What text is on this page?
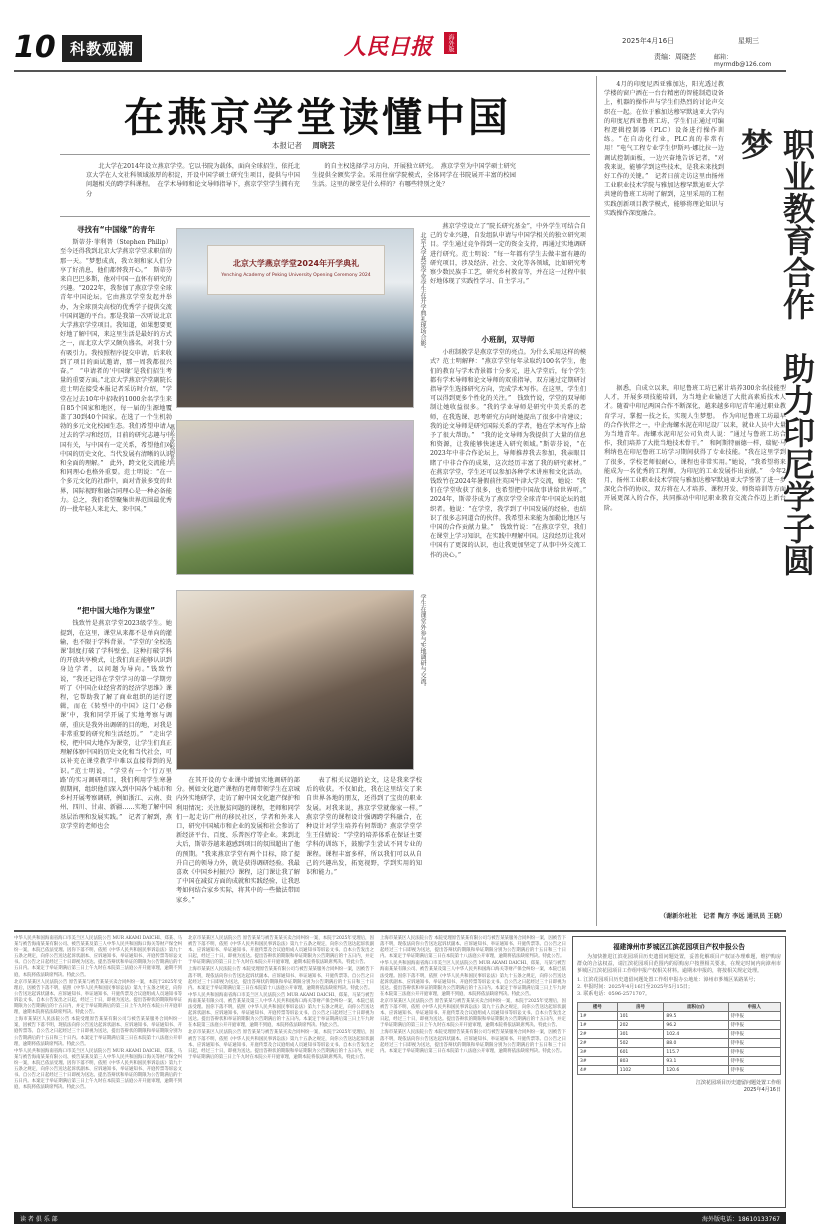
10 科教观潮	人民日报	海外版	2025年4月16日	星期三
责编：周晓芸	邮箱：myrmdb@126.com
在燕京学堂读懂中国
本报记者 周晓芸

北大学在2014年设立燕京学堂。它以书院为载体，面向全球招生，依托北京大学在人文社科领域浓厚的积淀，开设中国学硕士研究生项目，提供与中国问题相关的跨学科课程。　在学术导师和论文导师指导下，燕京学堂学生拥有充分

的自主权选择学习方向、开展独立研究。　燕京学堂为中国学硕士研究生提供全额奖学金。采用住宿学院模式，全体同学在书院展开丰富的校园生活。这里的课堂是什么样的？有哪些特别之处？

寻找有“中国缘”的青年

斯蒂芬·菲利普（Stephen Philip）至今还得我到北京大学燕京学堂求职信的那一天。“梦想成真，我立刻和家人们分享了好消息，他们都替我开心。”　斯蒂芬来自巴巴多斯，他对中国一直怀有研究的兴趣。“2022年，我参加了燕京学堂全球青年中国论坛。它由燕京学堂发起并举办，为全球顶尖高校的优秀学子提供交流中国问题的平台。那是我第一次听说北京大学燕京学堂项目。我知道，如果想要更好地了解中国，来这里生活是最好的方式之一，而北京大学又颇负盛名，对我十分有吸引力。我按照程序提交申请，后来收到了项目的面试邀请，那一周我都很兴奋。”　“申请者的‘中国缘’是我们招生考量的重要方面。”北京大学燕京学堂副院长范士明在接受本报记者采访时介绍，“学堂在过去10年中招收的1000余名学生来自85个国家和地区，每一届的生源地覆盖了30到40个国家。在选了一个生机勃勃的多元文化校园生态。我们希望申请人过去的学习和经历，目前的研究志趣与中国有关，与中国有一定关系，希望他们对中国的历史文化、当代发展有清晰的认识和全面的理解。”　此外，跨文化交流能力和同理心也格外重要。范士明说：“在一个多元文化的社群中，面对背景多变的世界，国际视野和融合同理心是一种必备能力。总之，我们希望聚集世界范围最优秀的一批年轻人来北大、来中国。”

“把中国大地作为课堂”

钱致竹是燕京学堂2023级学生。她提到，在这里，课堂从来都不是单向的灌输，也不限于学科背景。“学堂的‘全校选课’制度打破了学科壁垒，这种打破学科的开放共享模式，让我们真正能够认识到身边学者，以问题为导向。”钱致竹说，“我还记得在学堂学习的第一学期旁听了《中国企业经营者的经济学思维》课程，它帮助我了解了商业组织的运行逻辑，而在《转型中的中国》这门‘必修课’中，我和同学开展了实地考察与调研，重庆是我外出调研的目的地，对我是非常重要的研究和生活经历。”　“走出学校，把中国大地作为课堂，让学生们真正理解体察中国的历史文化和当代社会，可以补充在课堂教学中难以直接得到的见识。”范士明说，“学堂有一个‘行万里路’的实习调研项目，我们利用学生寒暑假期间，组织他们深入到中国各个城市和乡村开展考察调研，例如浙江、云南、贵州、四川、甘肃、新疆……实地了解中国基层治理和发展实践。”　记者了解到，燕京学堂的老师也会

北京大学燕京学堂2024年开学典礼
Yenching Academy of Peking University Opening Ceremony 2024	北京大学燕京学堂学生在开学典礼现场合影。
燕京学堂校园景色。
学生在课堂外参与实地调研与交流。

在其开设的专业课中增加实地调研的部分。例如文化遗产课程的老师带领学生在京城内外实地研学，走访了解中国文化遗产保护和利用情况；关注脱贫问题的课程，老师和同学们一起走访广州的移民社区，学者和外来人口，研究中国城市和企业的发展和社会参访了新经济平台、百度、乐普医疗等企业。来到北大后，斯蒂芬越来越感到项目的氛围超出了他的预期。“我来燕京学堂有两个目标，除了提升自己的领导力外，就是获得调研经验。我最喜欢《中国乡村振兴》课程，这门课让我了解了中国在减贫方面的成就和实践经验，让我思考如何结合家乡实际，将其中的一些做法带回家乡。”

表了相关议题的论文，这是我来学校后的收获。不仅如此，我在这里结交了来自世界各地的朋友，还得到了宝贵的职业发展。对我来说，燕京学堂就像家一样。”　燕京学堂的课程设计强调跨学科融合，在种设计对学生培养有何帮助？燕京学堂学生王佳婧说：“学堂的培养体系在保证主要学科的训练下，鼓励学生尝试不同专业的课程。课程丰富多样，所以我们可以从自己的兴趣出发，拓宽视野，学到实用的知识和能力。”

燕京学堂设立了“院长研究基金”，中外学生可结合自己的专业兴趣，自发组队申请与中国学相关的独立研究项目。学生通过竞争得到一定的资金支持，再通过实地调研进行研究。范士明说：“每一年都有学生去做丰富有趣的研究项目，涉及经济、社会、文化等各领域，比如研究考察少数民族手工艺，研究乡村教育等，并在这一过程中很好地体现了实践性学习、自主学习。”

小班制，双导师

小班制教学是燕京学堂的亮点。为什么采用这样的模式？范士明解释：“燕京学堂每年录取约100名学生，他们的教育与学术背景都十分多元，进入学堂后，每个学生都有学术导师和论文导师的双重指导，双方通过定期研讨指导学生选择研究方向，完成学术写作。在这里，学生们可以得到更多个性化的关注。”　钱致竹说，学堂的双导师制让她收益很多。“我的学业导师是研究中美关系的老师，在我选课、思考研究方向时她提出了很多中肯建议；我的论文导师是研究国际关系的学者，他在学术写作上给予了很大帮助。”　“我的论文导师为我提供了大量的信息和资源，让我能够快速进入研究领域。”斯蒂芬说，“在2023年中非合作论坛上，导师推荐我去参加，我亲眼目睹了中非合作的成果，这次经历丰富了我的研究素材。”　在燕京学堂，学生还可以参加各种学术讲座和文化活动。钱致竹在2024年暑假前往英国牛津大学交流，她说：“我们在学堂收获了很多，也希望把中国故事讲给世界听。”　2024年，斯蒂芬成为了燕京学堂全球青年中国论坛的组织者。他说：“在学堂，我学到了中国发展的经验，也结识了很多志同道合的伙伴。我希望未来能为加勒比地区与中国的合作贡献力量。”　钱致竹说：“在燕京学堂，我们在课堂上学习知识，在实践中理解中国。这段经历让我对中国有了更深的认识，也让我更加坚定了从事中外交流工作的决心。”

4月的印度尼西亚雅加达，阳光透过教学楼的窗户洒在一台台精密的智能制造设备上，机器的操作声与学生们热烈的讨论声交织在一起。在位于雅加达穆罕默迪亚大学内的印度尼西亚鲁班工坊，学生们正通过可编程逻辑控制器（PLC）设备进行操作训练。“在自动化行业，PLC真的非常有用！”电气工程专业学生伊斯玛·娜比拉一边调试控制面板，一边兴奋地告诉记者，“对我来说，能够学到这些技术，是我未来找到好工作的关键。”　记者日前走访这里由扬州工业职业技术学院与雅加达穆罕默迪亚大学共建的鲁班工坊时了解到，这里采用的工程实践创新项目教学模式，能够将理论知识与实践操作深度融合。	职业教育合作　助力印尼学子圆梦

据悉，自成立以来，印尼鲁班工坊已累计培养300余名技能型人才，开展多项技能培训，为当地企业输送了大批高素质技术人才。随着中印尼两国合作不断深化，越来越多印尼青年通过职业教育学习，掌握一技之长，实现人生梦想。　作为印尼鲁班工坊最早的合作伙伴之一，中企海螺水泥在印尼设厂以来，就业人员中大量为当地青年。海螺水泥印尼公司负责人说：“通过与鲁班工坊合作，我们培养了大批当地技术骨干。”　和阿斯特丽德一样，瑞妮·马利纳也在印尼鲁班工坊学习期间获得了专业技能。“我在这里学到了很多，学校老师很耐心，课程也非常实用。”她说，“我希望将来能成为一名优秀的工程师，为印尼的工业发展作出贡献。”　今年2月，扬州工业职业技术学院与雅加达穆罕默迪亚大学签署了进一步深化合作的协议，双方将在人才培养、课程开发、师资培训等方面开展更深入的合作，共同推动中印尼职业教育交流合作迈上新台阶。

（谢新尔杜社　记者 陶方 李远 通讯员 王晓）

中华人民共和国海南省海口市美兰区人民法院公告 MUR AKAMI DAICHI、郑某、马某与被告海南某某有限公司、被告某某及第三人中华人民共和国海口海关等财产保全纠纷一案，本院已依法受理。因你下落不明，依照《中华人民共和国民事诉讼法》第九十五条之规定，向你公告送达起诉状副本、应诉通知书、举证通知书、开庭传票等诉讼文书。自公告之日起经过三十日即视为送达。提出答辩状和举证的期限为公告期满后的十五日内。本案定于举证期满后第三日上午九时在本院第三法庭公开开庭审理，逾期不到庭，本院将依法缺席判决。特此公告。

北京市某某区人民法院公告 原告某某与被告某某买卖合同纠纷一案，本院于2025年受理后，因被告下落不明，依照《中华人民共和国民事诉讼法》第九十五条之规定，向你公告送达起诉状副本、应诉通知书、举证通知书、开庭传票及合议庭组成人员通知书等诉讼文书。自本公告发出之日起，经过三十日，即视为送达。提出答辩状的期限和举证期限为公告期满后的十五日内，并定于举证期满后的第三日上午九时在本院公开开庭审理，逾期本院将依法缺席判决。特此公告。

上海市某某区人民法院公告 本院受理原告某某有限公司与被告某某服务合同纠纷一案，因被告下落不明，现依法向你公告送达起诉状副本、应诉通知书、举证通知书、开庭传票等。自公告之日起经过三十日即视为送达，提出答辩状的期限和举证期限分别为公告期满后的十五日和三十日内。本案定于举证期满后第三日在本院第十八法庭公开审理，逾期将依法缺席判决。特此公告。

中华人民共和国海南省海口市美兰区人民法院公告 MUR AKAMI DAICHI、郑某、马某与被告海南某某有限公司、被告某某及第三人中华人民共和国海口海关等财产保全纠纷一案，本院已依法受理。因你下落不明，依照《中华人民共和国民事诉讼法》第九十五条之规定，向你公告送达起诉状副本、应诉通知书、举证通知书、开庭传票等诉讼文书。自公告之日起经过三十日即视为送达。提出答辩状和举证的期限为公告期满后的十五日内。本案定于举证期满后第三日上午九时在本院第三法庭公开开庭审理，逾期不到庭，本院将依法缺席判决。特此公告。

北京市某某区人民法院公告 原告某某与被告某某买卖合同纠纷一案，本院于2025年受理后，因被告下落不明，依照《中华人民共和国民事诉讼法》第九十五条之规定，向你公告送达起诉状副本、应诉通知书、举证通知书、开庭传票及合议庭组成人员通知书等诉讼文书。自本公告发出之日起，经过三十日，即视为送达。提出答辩状的期限和举证期限为公告期满后的十五日内，并定于举证期满后的第三日上午九时在本院公开开庭审理，逾期本院将依法缺席判决。特此公告。

上海市某某区人民法院公告 本院受理原告某某有限公司与被告某某服务合同纠纷一案，因被告下落不明，现依法向你公告送达起诉状副本、应诉通知书、举证通知书、开庭传票等。自公告之日起经过三十日即视为送达，提出答辩状的期限和举证期限分别为公告期满后的十五日和三十日内。本案定于举证期满后第三日在本院第十八法庭公开审理，逾期将依法缺席判决。特此公告。

中华人民共和国海南省海口市美兰区人民法院公告 MUR AKAMI DAICHI、郑某、马某与被告海南某某有限公司、被告某某及第三人中华人民共和国海口海关等财产保全纠纷一案，本院已依法受理。因你下落不明，依照《中华人民共和国民事诉讼法》第九十五条之规定，向你公告送达起诉状副本、应诉通知书、举证通知书、开庭传票等诉讼文书。自公告之日起经过三十日即视为送达。提出答辩状和举证的期限为公告期满后的十五日内。本案定于举证期满后第三日上午九时在本院第三法庭公开开庭审理，逾期不到庭，本院将依法缺席判决。特此公告。

北京市某某区人民法院公告 原告某某与被告某某买卖合同纠纷一案，本院于2025年受理后，因被告下落不明，依照《中华人民共和国民事诉讼法》第九十五条之规定，向你公告送达起诉状副本、应诉通知书、举证通知书、开庭传票及合议庭组成人员通知书等诉讼文书。自本公告发出之日起，经过三十日，即视为送达。提出答辩状的期限和举证期限为公告期满后的十五日内，并定于举证期满后的第三日上午九时在本院公开开庭审理，逾期本院将依法缺席判决。特此公告。

上海市某某区人民法院公告 本院受理原告某某有限公司与被告某某服务合同纠纷一案，因被告下落不明，现依法向你公告送达起诉状副本、应诉通知书、举证通知书、开庭传票等。自公告之日起经过三十日即视为送达，提出答辩状的期限和举证期限分别为公告期满后的十五日和三十日内。本案定于举证期满后第三日在本院第十八法庭公开审理，逾期将依法缺席判决。特此公告。

中华人民共和国海南省海口市美兰区人民法院公告 MUR AKAMI DAICHI、郑某、马某与被告海南某某有限公司、被告某某及第三人中华人民共和国海口海关等财产保全纠纷一案，本院已依法受理。因你下落不明，依照《中华人民共和国民事诉讼法》第九十五条之规定，向你公告送达起诉状副本、应诉通知书、举证通知书、开庭传票等诉讼文书。自公告之日起经过三十日即视为送达。提出答辩状和举证的期限为公告期满后的十五日内。本案定于举证期满后第三日上午九时在本院第三法庭公开开庭审理，逾期不到庭，本院将依法缺席判决。特此公告。

北京市某某区人民法院公告 原告某某与被告某某买卖合同纠纷一案，本院于2025年受理后，因被告下落不明，依照《中华人民共和国民事诉讼法》第九十五条之规定，向你公告送达起诉状副本、应诉通知书、举证通知书、开庭传票及合议庭组成人员通知书等诉讼文书。自本公告发出之日起，经过三十日，即视为送达。提出答辩状的期限和举证期限为公告期满后的十五日内，并定于举证期满后的第三日上午九时在本院公开开庭审理，逾期本院将依法缺席判决。特此公告。

上海市某某区人民法院公告 本院受理原告某某有限公司与被告某某服务合同纠纷一案，因被告下落不明，现依法向你公告送达起诉状副本、应诉通知书、举证通知书、开庭传票等。自公告之日起经过三十日即视为送达，提出答辩状的期限和举证期限分别为公告期满后的十五日和三十日内。本案定于举证期满后第三日在本院第十八法庭公开审理，逾期将依法缺席判决。特此公告。

福建漳州市芗城区江滨花园项目产权申报公告
为加快推进江滨花园项目历史遗留问题处置，妥善化解项目产权证办理难题，维护购房群众的合法权益，请江滨花园项目范围内的原购房户按照相关要求，在规定时间内向漳州市芗城区江滨花园项目工作组申报产权相关材料。逾期未申报的，将按相关规定处理。
1. 江滨花园项目历史遗留问题处置工作组申报办公地址：漳州市芗城区某路某号；
2. 申报时间：2025年4月16日至2025年5月15日；
3. 联系电话：0596-2571707。
楼号	房号	面积(㎡)	申报人
1#	101	89.5	待申报
1#	202	96.2	待申报
2#	301	102.4	待申报
2#	502	88.0	待申报
3#	601	115.7	待申报
3#	803	93.1	待申报
4#	1102	120.6	待申报
江滨花园项目历史遗留问题处置工作组
2025年4月16日
读 者 俱 乐 部	海外版电话：18610133767
